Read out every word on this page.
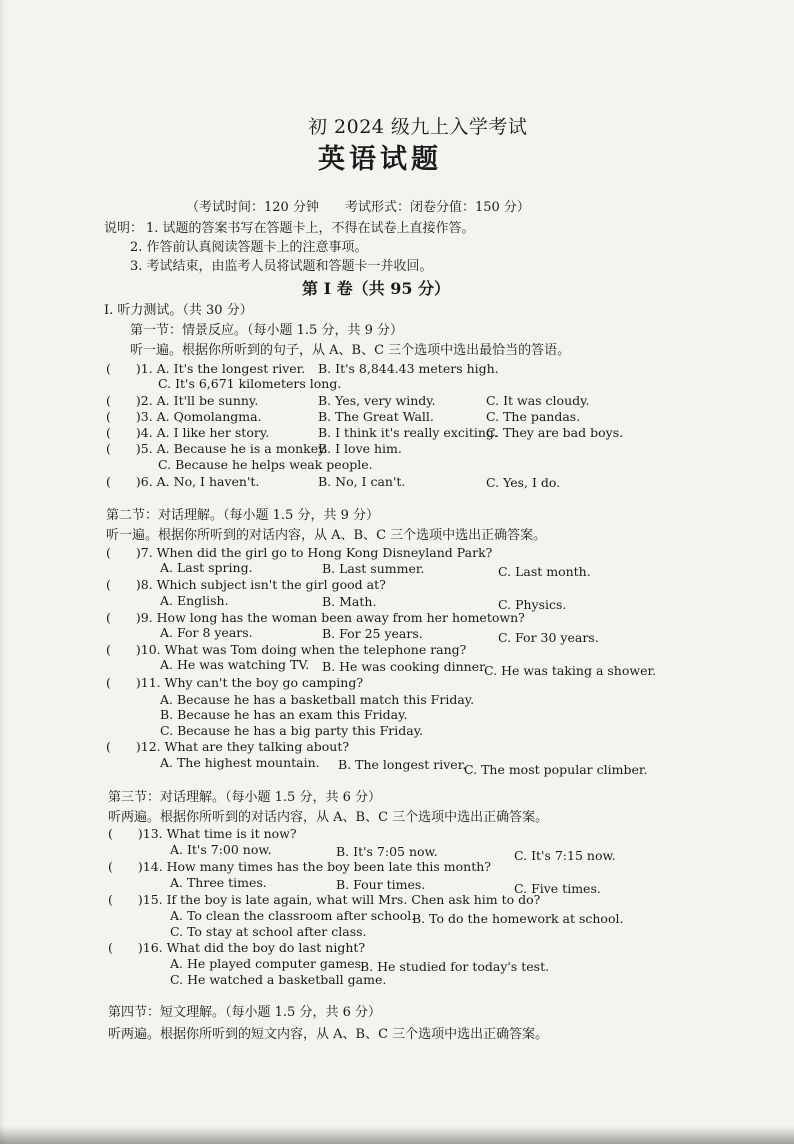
初 2024 级九上入学考试
英语试题
（考试时间：120 分钟　　考试形式：闭卷分值：150 分）
说明： 1. 试题的答案书写在答题卡上，不得在试卷上直接作答。
2. 作答前认真阅读答题卡上的注意事项。
3. 考试结束，由监考人员将试题和答题卡一并收回。
第 I 卷（共 95 分）
I. 听力测试。（共 30 分）
第一节：情景反应。（每小题 1.5 分，共 9 分）
听一遍。根据你所听到的句子，从 A、B、C 三个选项中选出最恰当的答语。
(　　)1. A. It's the longest river. B. It's 8,844.43 meters high.
C. It's 6,671 kilometers long.
(　　)2. A. It'll be sunny.	B. Yes, very windy.	C. It was cloudy.
(　　)3. A. Qomolangma.	B. The Great Wall.	C. The pandas.
(　　)4. A. I like her story.	B. I think it's really exciting.
C. They are bad boys.
(　　)5. A. Because he is a monkey.
B. I love him.
C. Because he helps weak people.
(　　)6. A. No, I haven't.	B. No, I can't.	C. Yes, I do.
第二节：对话理解。（每小题 1.5 分，共 9 分）
听一遍。根据你所听到的对话内容，从 A、B、C 三个选项中选出正确答案。
(　　)7. When did the girl go to Hong Kong Disneyland Park?
A. Last spring.	B. Last summer.	C. Last month.
(　　)8. Which subject isn't the girl good at?
A. English.	B. Math.	C. Physics.
(　　)9. How long has the woman been away from her hometown?
A. For 8 years.	B. For 25 years.	C. For 30 years.
(　　)10. What was Tom doing when the telephone rang?
A. He was watching TV. B. He was cooking dinner.
C. He was taking a shower.
(　　)11. Why can't the boy go camping?
A. Because he has a basketball match this Friday.
B. Because he has an exam this Friday.
C. Because he has a big party this Friday.
(　　)12. What are they talking about?
A. The highest mountain. B. The longest river.
C. The most popular climber.
第三节：对话理解。（每小题 1.5 分，共 6 分）
听两遍。根据你所听到的对话内容，从 A、B、C 三个选项中选出正确答案。
(　　)13. What time is it now?
A. It's 7:00 now.	B. It's 7:05 now.	C. It's 7:15 now.
(　　)14. How many times has the boy been late this month?
A. Three times.	B. Four times.	C. Five times.
(　　)15. If the boy is late again, what will Mrs. Chen ask him to do?
A. To clean the classroom after school.
B. To do the homework at school.
C. To stay at school after class.
(　　)16. What did the boy do last night?
A. He played computer games.
B. He studied for today's test.
C. He watched a basketball game.
第四节：短文理解。（每小题 1.5 分，共 6 分）
听两遍。根据你所听到的短文内容，从 A、B、C 三个选项中选出正确答案。
